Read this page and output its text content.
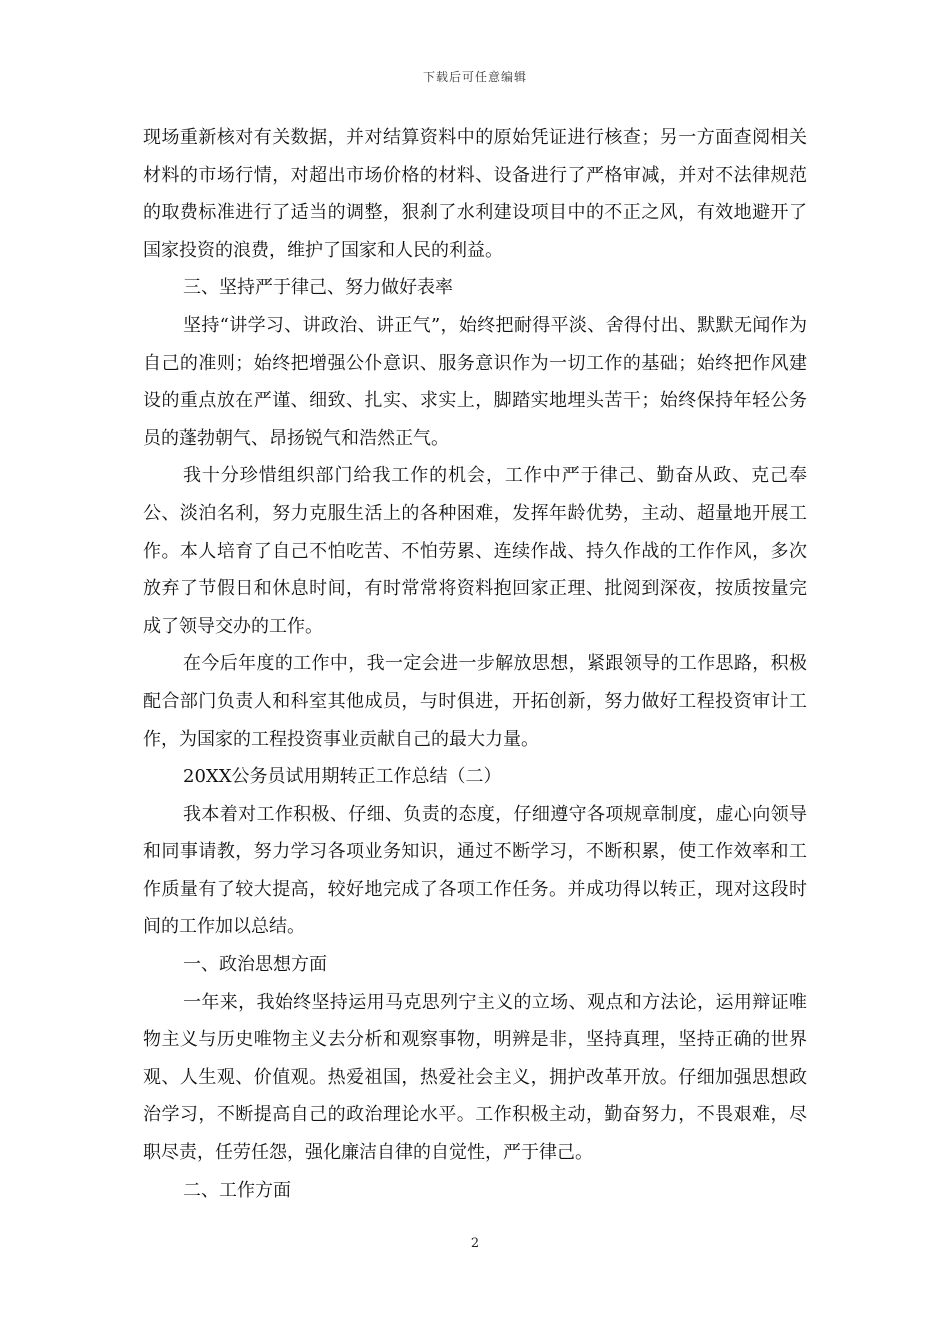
下载后可任意编辑

现场重新核对有关数据，并对结算资料中的原始凭证进行核查；另一方面查阅相关材料的市场行情，对超出市场价格的材料、设备进行了严格审减，并对不法律规范的取费标准进行了适当的调整，狠刹了水利建设项目中的不正之风，有效地避开了国家投资的浪费，维护了国家和人民的利益。

三、坚持严于律己、努力做好表率

坚持“讲学习、讲政治、讲正气”，始终把耐得平淡、舍得付出、默默无闻作为自己的准则；始终把增强公仆意识、服务意识作为一切工作的基础；始终把作风建设的重点放在严谨、细致、扎实、求实上，脚踏实地埋头苦干；始终保持年轻公务员的蓬勃朝气、昂扬锐气和浩然正气。

我十分珍惜组织部门给我工作的机会，工作中严于律己、勤奋从政、克己奉公、淡泊名利，努力克服生活上的各种困难，发挥年龄优势，主动、超量地开展工作。本人培育了自己不怕吃苦、不怕劳累、连续作战、持久作战的工作作风，多次放弃了节假日和休息时间，有时常常将资料抱回家正理、批阅到深夜，按质按量完成了领导交办的工作。

在今后年度的工作中，我一定会进一步解放思想，紧跟领导的工作思路，积极配合部门负责人和科室其他成员，与时俱进，开拓创新，努力做好工程投资审计工作，为国家的工程投资事业贡献自己的最大力量。

20XX公务员试用期转正工作总结（二）

我本着对工作积极、仔细、负责的态度，仔细遵守各项规章制度，虚心向领导和同事请教，努力学习各项业务知识，通过不断学习，不断积累，使工作效率和工作质量有了较大提高，较好地完成了各项工作任务。并成功得以转正，现对这段时间的工作加以总结。

一、政治思想方面

一年来，我始终坚持运用马克思列宁主义的立场、观点和方法论，运用辩证唯物主义与历史唯物主义去分析和观察事物，明辨是非，坚持真理，坚持正确的世界观、人生观、价值观。热爱祖国，热爱社会主义，拥护改革开放。仔细加强思想政治学习，不断提高自己的政治理论水平。工作积极主动，勤奋努力，不畏艰难，尽职尽责，任劳任怨，强化廉洁自律的自觉性，严于律己。

二、工作方面

2
